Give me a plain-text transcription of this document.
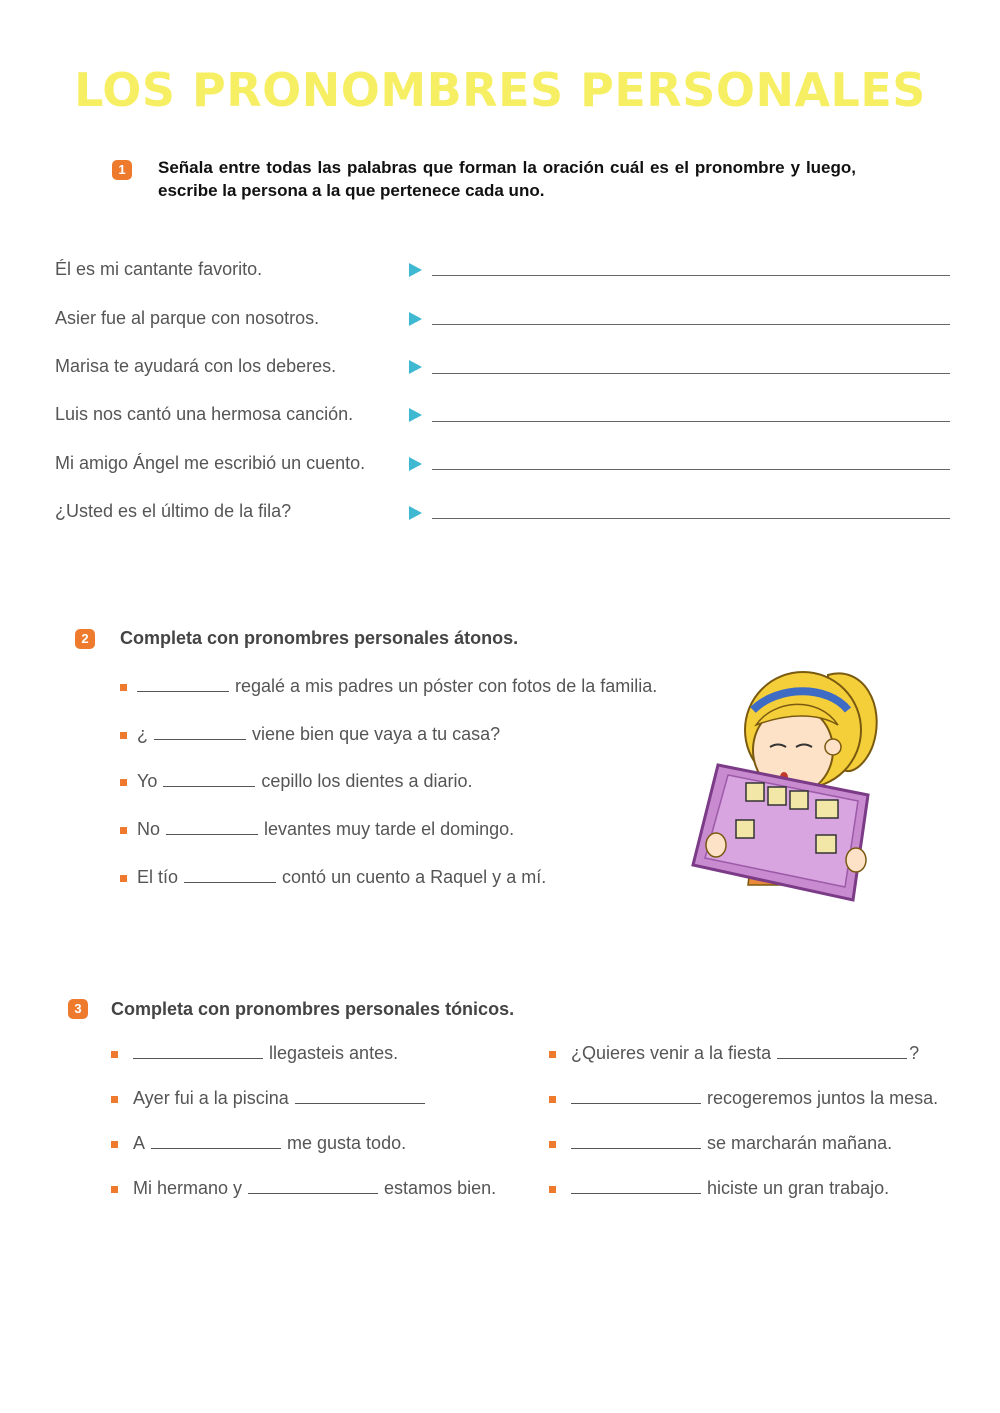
LOS PRONOMBRES PERSONALES
1	Señala entre todas las palabras que forman la oración cuál es el pronombre y luego, escribe la persona a la que pertenece cada uno.
Él es mi cantante favorito.
Asier fue al parque con nosotros.
Marisa te ayudará con los deberes.
Luis nos cantó una hermosa canción.
Mi amigo Ángel me escribió un cuento.
¿Usted es el último de la fila?
2	Completa con pronombres personales átonos.
regalé a mis padres un póster con fotos de la familia.
¿	viene bien que vaya a tu casa?
Yo	cepillo los dientes a diario.
No	levantes muy tarde el domingo.
El tío	contó un cuento a Raquel y a mí.
3	Completa con pronombres personales tónicos.
llegasteis antes.
Ayer fui a la piscina
A	me gusta todo.
Mi hermano y	estamos bien.
¿Quieres venir a la fiesta	?
recogeremos juntos la mesa.
se marcharán mañana.
hiciste un gran trabajo.
